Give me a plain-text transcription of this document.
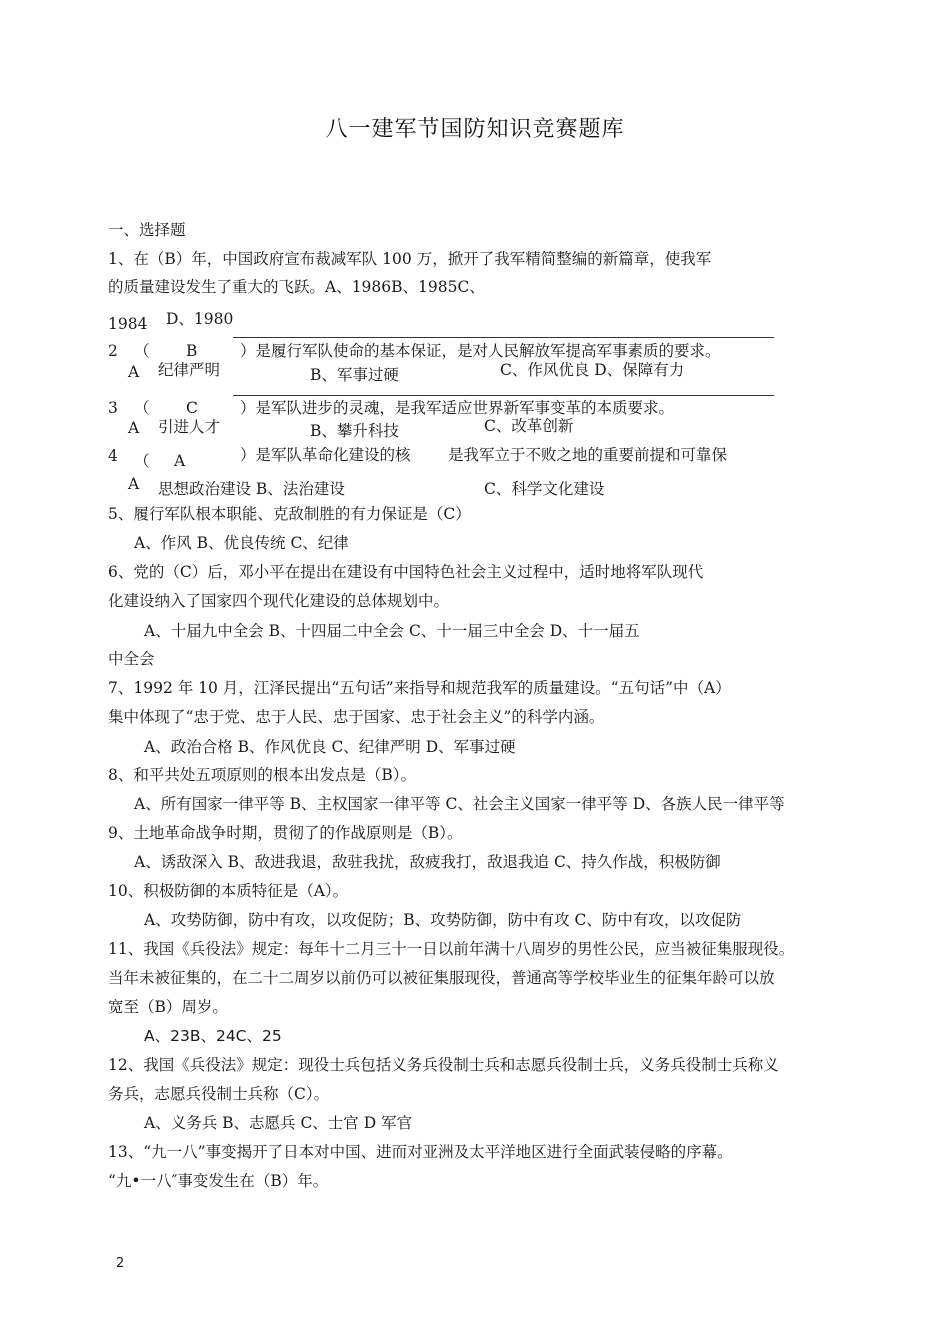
八一建军节国防知识竞赛题库
一、选择题
1、在（B）年，中国政府宣布裁减军队 100 万，掀开了我军精简整编的新篇章，使我军
的质量建设发生了重大的飞跃。A、1986B、1985C、
1984 D、1980
2 （ B	）是履行军队使命的基本保证，是对人民解放军提高军事素质的要求。
A 纪律严明	B、军事过硬	C、作风优良 D、保障有力
3 （ C	）是军队进步的灵魂，是我军适应世界新军事变革的本质要求。
A 引进人才	B、攀升科技	C、改革创新
4 （ A	）是军队革命化建设的核 是我军立于不败之地的重要前提和可靠保
A 思想政治建设 B、法治建设	C、科学文化建设
5、履行军队根本职能、克敌制胜的有力保证是（C）
A、作风 B、优良传统 C、纪律
6、党的（C）后，邓小平在提出在建设有中国特色社会主义过程中，适时地将军队现代
化建设纳入了国家四个现代化建设的总体规划中。
A、十届九中全会 B、十四届二中全会 C、十一届三中全会 D、十一届五
中全会
7、1992 年 10 月，江泽民提出“五句话”来指导和规范我军的质量建设。“五句话”中（A）
集中体现了“忠于党、忠于人民、忠于国家、忠于社会主义”的科学内涵。
A、政治合格 B、作风优良 C、纪律严明 D、军事过硬
8、和平共处五项原则的根本出发点是（B）。
A、所有国家一律平等 B、主权国家一律平等 C、社会主义国家一律平等 D、各族人民一律平等
9、土地革命战争时期，贯彻了的作战原则是（B）。
A、诱敌深入 B、敌进我退，敌驻我扰，敌疲我打，敌退我追 C、持久作战，积极防御
10、积极防御的本质特征是（A）。
A、攻势防御，防中有攻，以攻促防；B、攻势防御，防中有攻 C、防中有攻，以攻促防
11、我国《兵役法》规定：每年十二月三十一日以前年满十八周岁的男性公民，应当被征集服现役。
当年未被征集的，在二十二周岁以前仍可以被征集服现役，普通高等学校毕业生的征集年龄可以放
宽至（B）周岁。
A、23B、24C、25
12、我国《兵役法》规定：现役士兵包括义务兵役制士兵和志愿兵役制士兵，义务兵役制士兵称义
务兵，志愿兵役制士兵称（C）。
A、义务兵 B、志愿兵 C、士官 D 军官
13、“九一八”事变揭开了日本对中国、进而对亚洲及太平洋地区进行全面武装侵略的序幕。
“九•一八″事变发生在（B）年。
2
